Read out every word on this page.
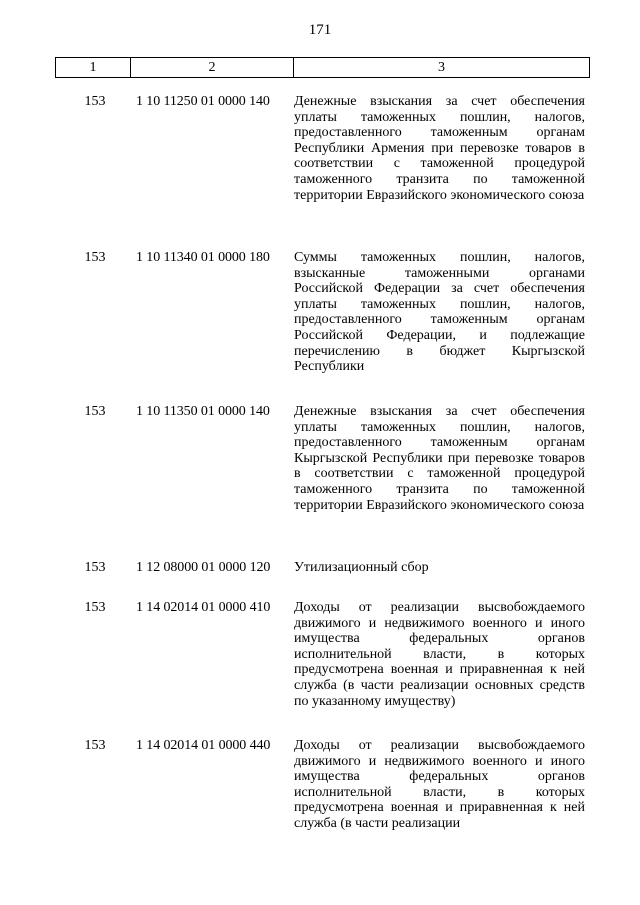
171
1	2	3
153	1 10 11250 01 0000 140 Денежные взыскания за счет обеспечения уплаты таможенных пошлин, налогов, предоставленного таможенным органам Республики Армения при перевозке товаров в соответствии с таможенной процедурой таможенного транзита по таможенной территории Евразийского экономического союза
153	1 10 11340 01 0000 180 Суммы таможенных пошлин, налогов, взысканные таможенными органами Российской Федерации за счет обеспечения уплаты таможенных пошлин, налогов, предоставленного таможенным органам Российской Федерации, и подлежащие перечислению в бюджет Кыргызской Республики
153	1 10 11350 01 0000 140 Денежные взыскания за счет обеспечения уплаты таможенных пошлин, налогов, предоставленного таможенным органам Кыргызской Республики при перевозке товаров в соответствии с таможенной процедурой таможенного транзита по таможенной территории Евразийского экономического союза
153	1 12 08000 01 0000 120 Утилизационный сбор
153	1 14 02014 01 0000 410 Доходы от реализации высвобождаемого движимого и недвижимого военного и иного имущества федеральных органов исполнительной власти, в которых предусмотрена военная и приравненная к ней служба (в части реализации основных средств по указанному имуществу)
153	1 14 02014 01 0000 440 Доходы от реализации высвобождаемого движимого и недвижимого военного и иного имущества федеральных органов исполнительной власти, в которых предусмотрена военная и приравненная к ней служба (в части реализации
